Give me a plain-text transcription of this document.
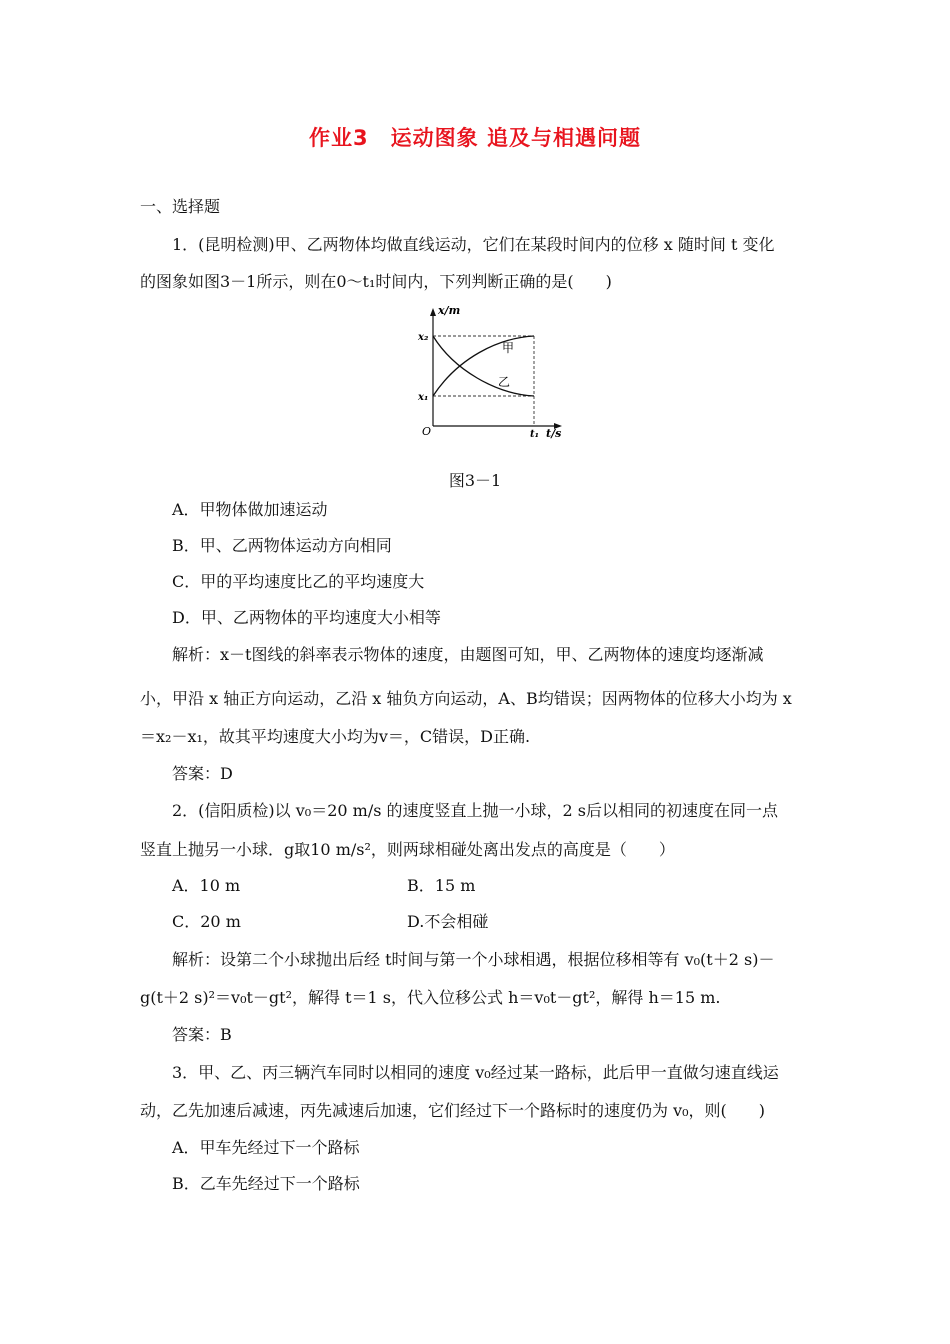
作业3　 运动图象 追及与相遇问题
一、选择题
1．(昆明检测)甲、乙两物体均做直线运动，它们在某段时间内的位移 x 随时间 t 变化
的图象如图3－1所示，则在0～t₁时间内，下列判断正确的是(　　)
x/m
x₂
x₁
O	t₁ t/s
甲
乙
图3－1
A．甲物体做加速运动
B．甲、乙两物体运动方向相同
C．甲的平均速度比乙的平均速度大
D．甲、乙两物体的平均速度大小相等
解析：x－t图线的斜率表示物体的速度，由题图可知，甲、乙两物体的速度均逐渐减
小，甲沿 x 轴正方向运动，乙沿 x 轴负方向运动，A、B均错误；因两物体的位移大小均为 x
＝x₂－x₁，故其平均速度大小均为v＝，C错误，D正确.
答案：D
2．(信阳质检)以 v₀＝20 m/s 的速度竖直上抛一小球，2 s后以相同的初速度在同一点
竖直上抛另一小球．g取10 m/s²，则两球相碰处离出发点的高度是（　　）
A．10 m	B．15 m
C．20 m	D.不会相碰
解析：设第二个小球抛出后经 t时间与第一个小球相遇，根据位移相等有 v₀(t＋2 s)－
g(t＋2 s)²＝v₀t－gt²，解得 t＝1 s，代入位移公式 h＝v₀t－gt²，解得 h＝15 m.
答案：B
3．甲、乙、丙三辆汽车同时以相同的速度 v₀经过某一路标，此后甲一直做匀速直线运
动，乙先加速后减速，丙先减速后加速，它们经过下一个路标时的速度仍为 v₀，则(　　)
A．甲车先经过下一个路标
B．乙车先经过下一个路标
